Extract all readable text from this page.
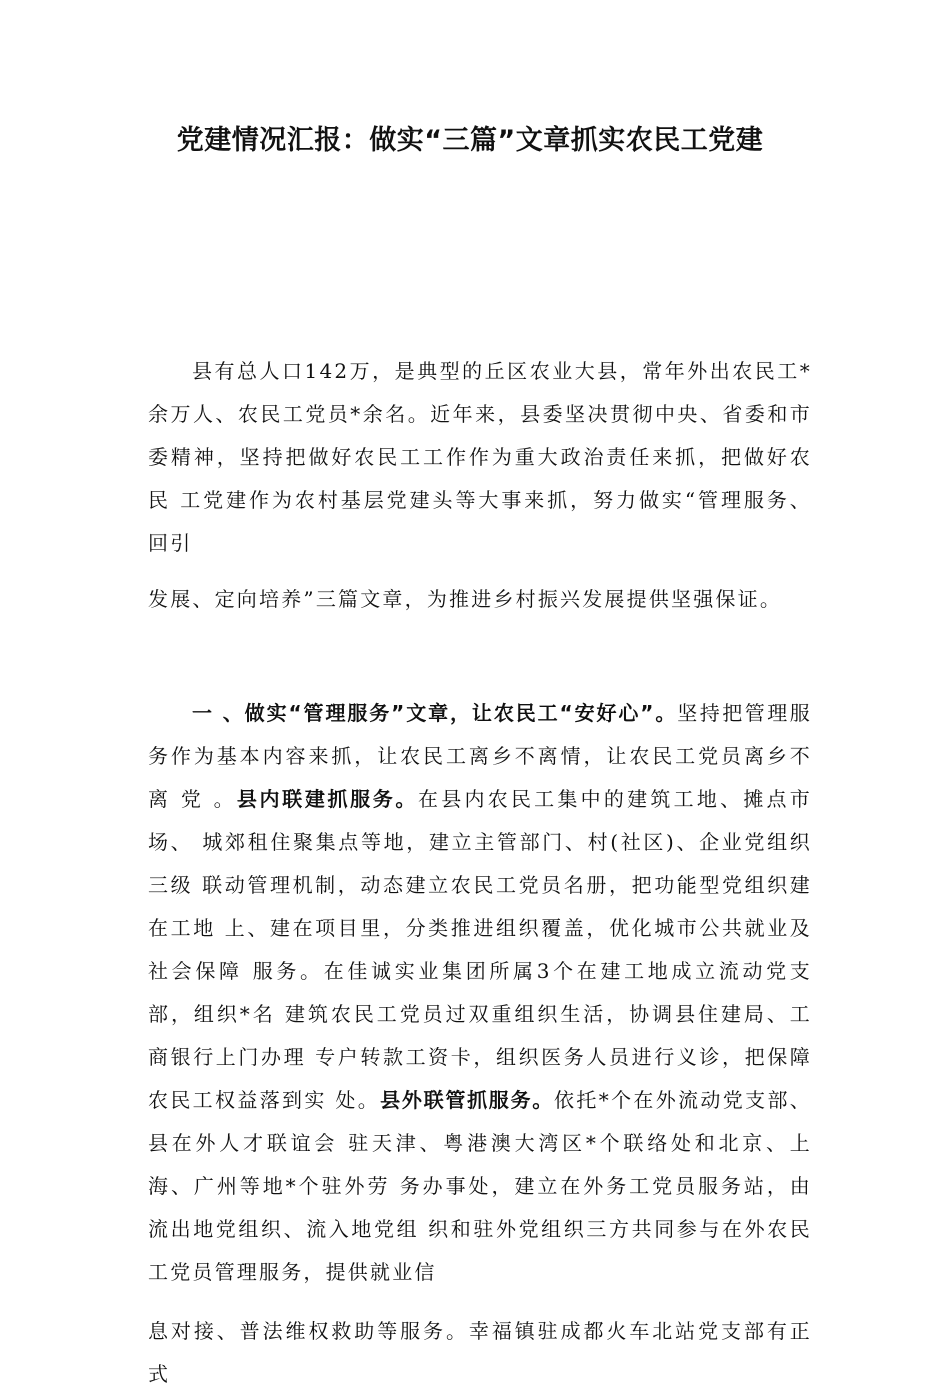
党建情况汇报：做实“三篇”文章抓实农民工党建

县有总人口142万，是典型的丘区农业大县，常年外出农民工* 余万人、农民工党员*余名。近年来，县委坚决贯彻中央、省委和市 委精神，坚持把做好农民工工作作为重大政治责任来抓，把做好农民 工党建作为农村基层党建头等大事来抓，努力做实“管理服务、回引

发展、定向培养”三篇文章，为推进乡村振兴发展提供坚强保证。

一 、做实“管理服务”文章，让农民工“安好心”。坚持把管理服务作为基本内容来抓，让农民工离乡不离情，让农民工党员离乡不离 党 。县内联建抓服务。在县内农民工集中的建筑工地、摊点市场、 城郊租住聚集点等地，建立主管部门、村(社区)、企业党组织三级 联动管理机制，动态建立农民工党员名册，把功能型党组织建在工地 上、建在项目里，分类推进组织覆盖，优化城市公共就业及社会保障 服务。在佳诚实业集团所属3个在建工地成立流动党支部，组织*名 建筑农民工党员过双重组织生活，协调县住建局、工商银行上门办理 专户转款工资卡，组织医务人员进行义诊，把保障农民工权益落到实 处。县外联管抓服务。依托*个在外流动党支部、县在外人才联谊会 驻天津、粤港澳大湾区*个联络处和北京、上海、广州等地*个驻外劳 务办事处，建立在外务工党员服务站，由流出地党组织、流入地党组 织和驻外党组织三方共同参与在外农民工党员管理服务，提供就业信

息对接、普法维权救助等服务。幸福镇驻成都火车北站党支部有正式
